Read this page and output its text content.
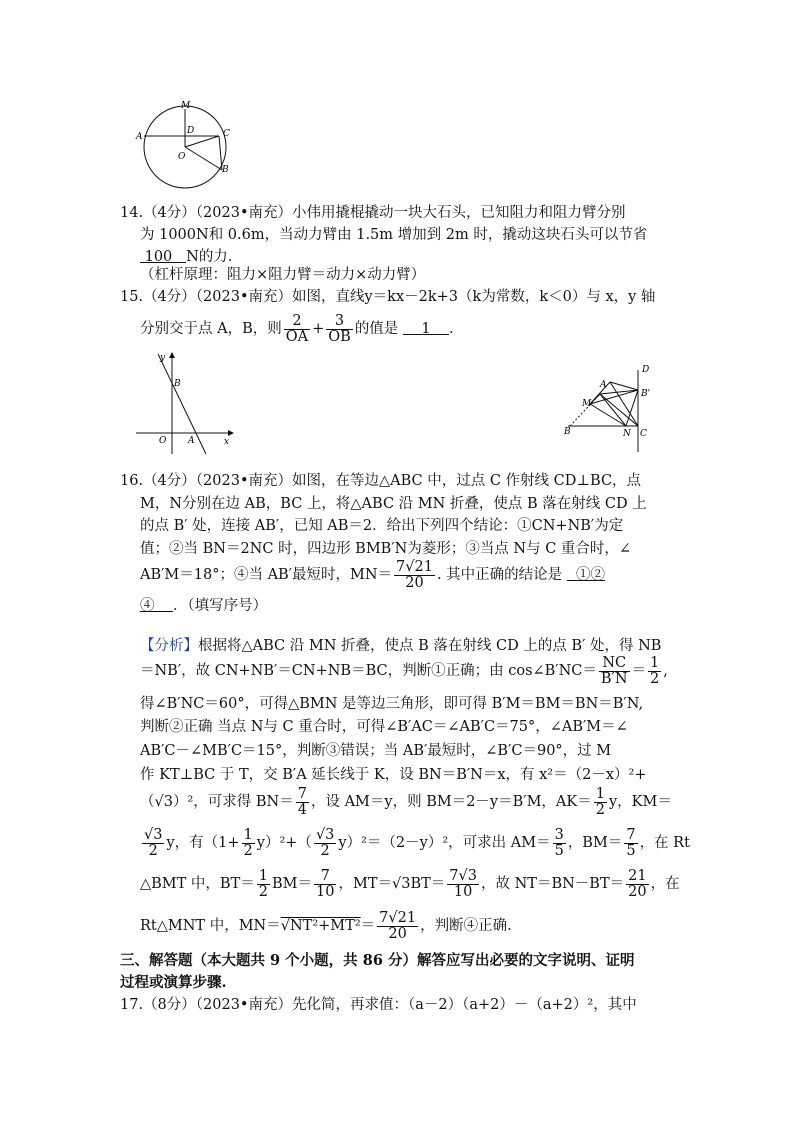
M
A
D	C
O
B
14.（4分）（2023•南充）小伟用撬棍撬动一块大石头，已知阻力和阻力臂分别
为 1000N和 0.6m，当动力臂由 1.5m 增加到 2m 时，撬动这块石头可以节省
100 N的力.
（杠杆原理：阻力×阻力臂＝动力×动力臂）
15.（4分）（2023•南充）如图，直线y＝kx－2k+3（k为常数，k＜0）与 x，y 轴
分别交于点 A，B，则 $\frac{2}{OA} + \frac{3}{OB}$ 的值是 1 .
y
B
O A	x
D
A
B'
M
B	N C
16.（4分）（2023•南充）如图，在等边△ABC 中，过点 C 作射线 CD⊥BC，点
M，N分别在边 AB，BC 上，将△ABC 沿 MN 折叠，使点 B 落在射线 CD 上
的点 B′ 处，连接 AB′，已知 AB＝2．给出下列四个结论：①CN+NB′为定
值；②当 BN＝2NC 时，四边形 BMB′N为菱形；③当点 N与 C 重合时，∠
AB′M＝18°；④当 AB′最短时，$MN= \frac{7√21}{20}$ . 其中正确的结论是 ①②
④ ．（填写序号）
【分析】根据将△ABC 沿 MN 折叠，使点 B 落在射线 CD 上的点 B′ 处，得 NB
＝NB′，故 CN+NB′＝CN+NB＝BC，判断①正确；由 cos∠B′NC＝ $\frac{NC}{B'N} = \frac{1}{2}$ ,
得∠B′NC＝60°，可得△BMN 是等边三角形，即可得 B′M＝BM＝BN＝B′N,
判断②正确 当点 N与 C 重合时，可得∠B′AC＝∠AB′C＝75°，∠AB′M＝∠
AB′C－∠MB′C＝15°，判断③错误；当 AB′最短时，∠B′C＝90°，过 M
作 KT⊥BC 于 T，交 B′A 延长线于 K，设 BN＝B′N＝x，有 x²＝（2－x）²+
（√3）²，可求得 $BN= \frac{7}{4}$ ，设 AM＝y，则 BM＝2－y＝B′M，$AK= \frac{1}{2}$ y，KM＝
$\frac{√3}{2}$ y，有$(1+ \frac{1}{2} y)^2+( \frac{√3}{2} y)^2=(2-y)^2$，可求出 $AM= \frac{3}{5}$ ，$BM= \frac{7}{5}$ ，在 Rt
△BMT 中，$BT= \frac{1}{2} BM= \frac{7}{10}$ ，$MT=√3BT= \frac{7√3}{10}$ ，故 $NT=BN-BT= \frac{21}{20}$ ，在
Rt△MNT 中，$MN=√NT^2+MT^2= \frac{7√21}{20}$ ，判断④正确.
三、解答题（本大题共 9 个小题，共 86 分）解答应写出必要的文字说明、证明
过程或演算步骤.
17.（8分）（2023•南充）先化简，再求值：（a－2）（a+2）－（a+2）²，其中
